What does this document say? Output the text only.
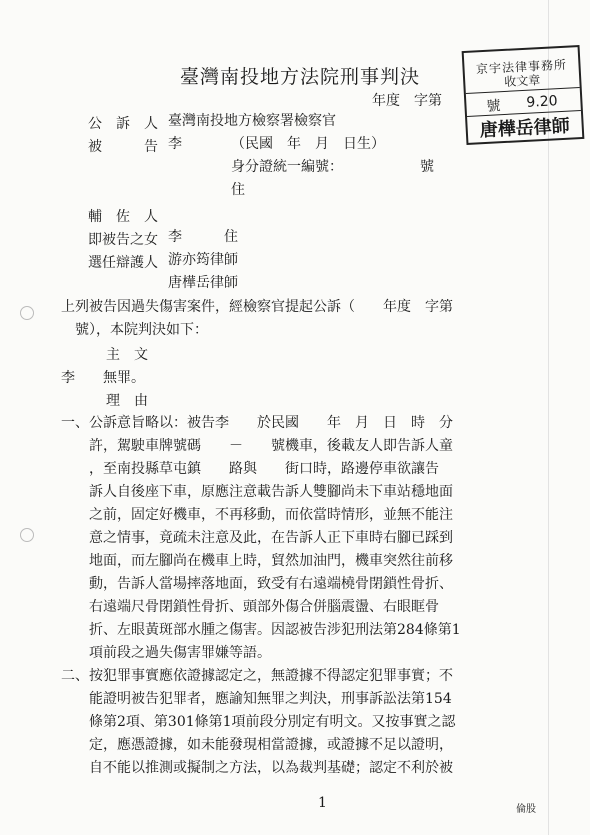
臺灣南投地方法院刑事判決
年度　字第
京宇法律事務所
收文章
號 9.20
唐樺岳律師
公　訴　人 臺灣南投地方檢察署檢察官
被　　　告 李　　　　（民國　年　月　日生）
身分證統一編號：　　　　　　號
住
輔　佐　人
即被告之女 李　　　住
選任辯護人 游亦筠律師
唐樺岳律師
上列被告因過失傷害案件，經檢察官提起公訴（　　年度　字第
　號），本院判決如下：
主　文
李　　無罪。
理　由
一、公訴意旨略以：被告李　　於民國　　年　月　日　時　分
　　許，駕駛車牌號碼　　－　　號機車，後載友人即告訴人童
　　，至南投縣草屯鎮　　路與　　街口時，路邊停車欲讓告
　　訴人自後座下車，原應注意載告訴人雙腳尚未下車站穩地面
　　之前，固定好機車，不再移動，而依當時情形，並無不能注
　　意之情事，竟疏未注意及此，在告訴人正下車時右腳已踩到
　　地面，而左腳尚在機車上時，貿然加油門，機車突然往前移
　　動，告訴人當場摔落地面，致受有右遠端橈骨閉鎖性骨折、
　　右遠端尺骨閉鎖性骨折、頭部外傷合併腦震盪、右眼眶骨
　　折、左眼黃斑部水腫之傷害。因認被告涉犯刑法第284條第1
　　項前段之過失傷害罪嫌等語。
二、按犯罪事實應依證據認定之，無證據不得認定犯罪事實；不
　　能證明被告犯罪者，應諭知無罪之判決，刑事訴訟法第154
　　條第2項、第301條第1項前段分別定有明文。又按事實之認
　　定，應憑證據，如未能發現相當證據，或證據不足以證明，
　　自不能以推測或擬制之方法，以為裁判基礎；認定不利於被
1	倫股
